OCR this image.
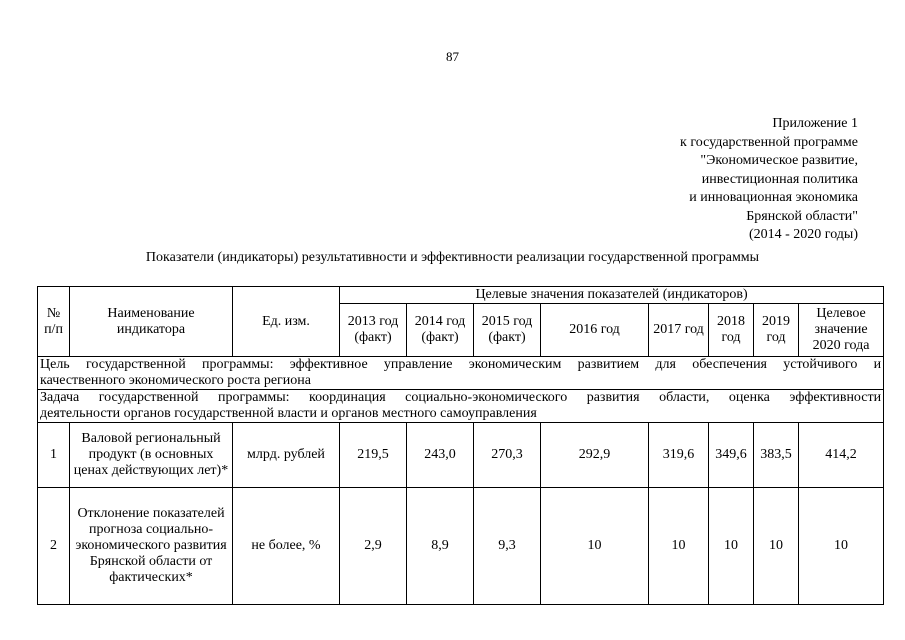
87
Приложение 1
к государственной программе
"Экономическое развитие,
инвестиционная политика
и инновационная экономика
Брянской области"
(2014 - 2020 годы)
Показатели (индикаторы) результативности и эффективности реализации государственной программы
№ п/п	Наименование индикатора	Ед. изм.	Целевые значения показателей (индикаторов)							
			2013 год (факт)	2014 год (факт)	2015 год (факт)	2016 год	2017 год	2018 год	2019 год	Целевое значение 2020 года

Цель государственной программы: эффективное управление экономическим развитием для обеспечения устойчивого и
качественного экономического роста региона										

Задача государственной программы: координация социально-экономического развития области, оценка эффективности
деятельности органов государственной власти и органов местного самоуправления										

1	Валовой региональный продукт (в основных ценах действующих лет)*	млрд. рублей	219,5	243,0	270,3	292,9	319,6	349,6	383,5	414,2
2	Отклонение показателей прогноза социально-экономического развития Брянской области от фактических*	не более, %	2,9	8,9	9,3	10	10	10	10	10
